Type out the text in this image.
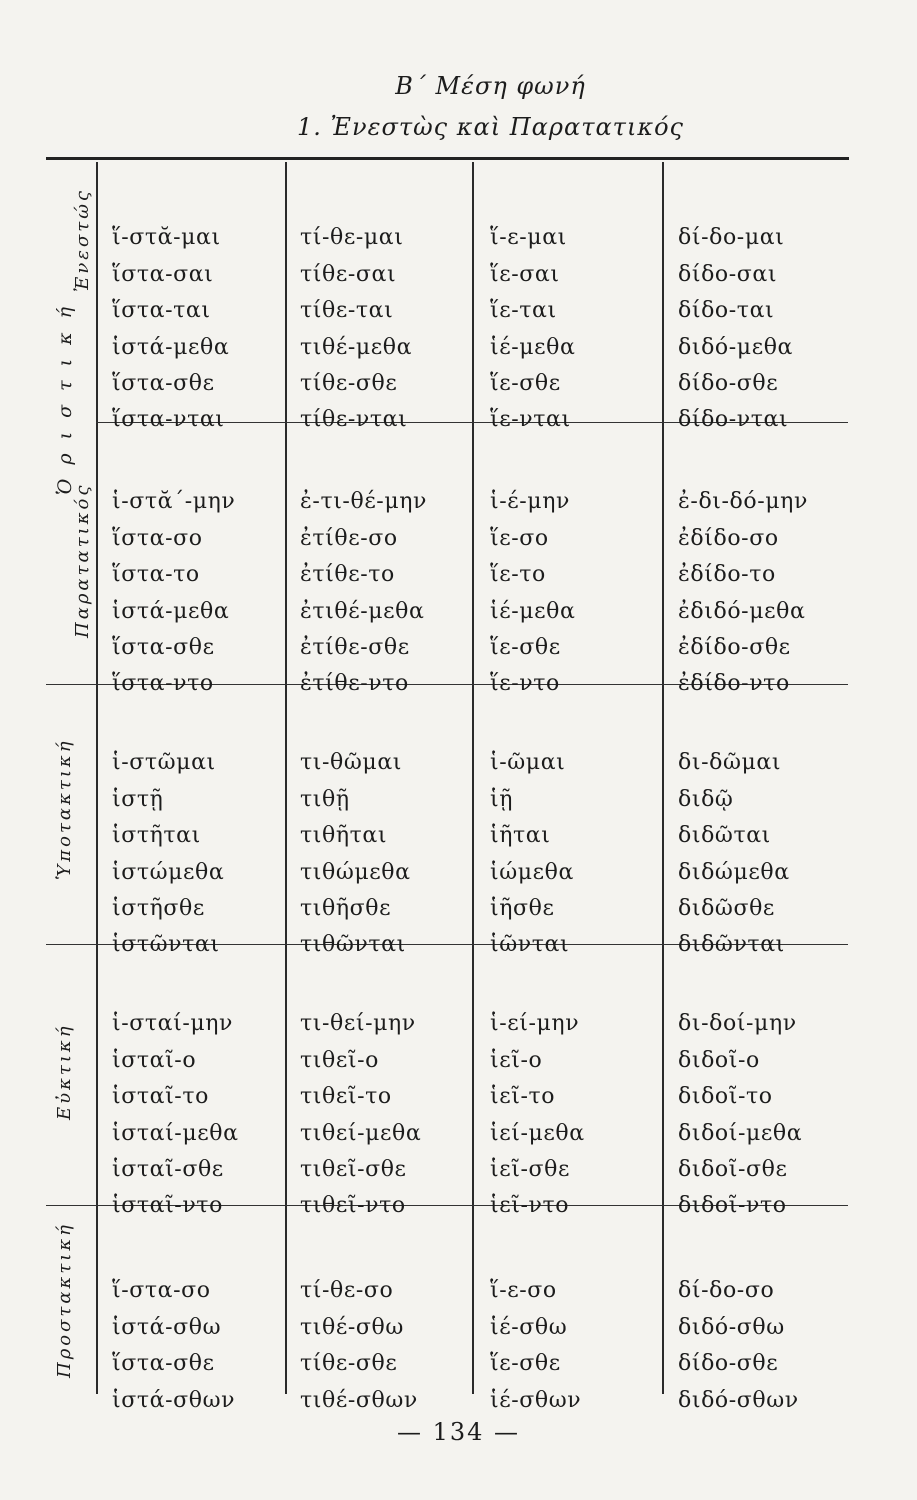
Β΄ Μέση φωνή
1. Ἐνεστὼς καὶ Παρατατικός
Ὁ ρ ι σ τ ι κ ή
Ἐνεστώς
Παρατατικός
Ὑποτακτική
Εὐκτική
Προστακτική

ἵ-στᾰ-μαι
ἵστα-σαι
ἵστα-ται
ἱστά-μεθα
ἵστα-σθε
ἵστα-νται

τί-θε-μαι
τίθε-σαι
τίθε-ται
τιθέ-μεθα
τίθε-σθε
τίθε-νται

ἵ-ε-μαι
ἵε-σαι
ἵε-ται
ἱέ-μεθα
ἵε-σθε
ἵε-νται

δί-δο-μαι
δίδο-σαι
δίδο-ται
διδό-μεθα
δίδο-σθε
δίδο-νται

ἱ-στᾰ΄-μην
ἵστα-σο
ἵστα-το
ἱστά-μεθα
ἵστα-σθε
ἵστα-ντο

ἐ-τι-θέ-μην
ἐτίθε-σο
ἐτίθε-το
ἐτιθέ-μεθα
ἐτίθε-σθε
ἐτίθε-ντο

ἱ-έ-μην
ἵε-σο
ἵε-το
ἱέ-μεθα
ἵε-σθε
ἵε-ντο

ἐ-δι-δό-μην
ἐδίδο-σο
ἐδίδο-το
ἐδιδό-μεθα
ἐδίδο-σθε
ἐδίδο-ντο

ἱ-στῶμαι
ἱστῇ
ἱστῆται
ἱστώμεθα
ἱστῆσθε
ἱστῶνται

τι-θῶμαι
τιθῇ
τιθῆται
τιθώμεθα
τιθῆσθε
τιθῶνται

ἱ-ῶμαι
ἱῇ
ἱῆται
ἱώμεθα
ἱῆσθε
ἱῶνται

δι-δῶμαι
διδῷ
διδῶται
διδώμεθα
διδῶσθε
διδῶνται

ἱ-σταί-μην
ἱσταῖ-ο
ἱσταῖ-το
ἱσταί-μεθα
ἱσταῖ-σθε
ἱσταῖ-ντο

τι-θεί-μην
τιθεῖ-ο
τιθεῖ-το
τιθεί-μεθα
τιθεῖ-σθε
τιθεῖ-ντο

ἱ-εί-μην
ἱεῖ-ο
ἱεῖ-το
ἱεί-μεθα
ἱεῖ-σθε
ἱεῖ-ντο

δι-δοί-μην
διδοῖ-ο
διδοῖ-το
διδοί-μεθα
διδοῖ-σθε
διδοῖ-ντο

ἵ-στα-σο
ἱστά-σθω
ἵστα-σθε
ἱστά-σθων

τί-θε-σο
τιθέ-σθω
τίθε-σθε
τιθέ-σθων

ἵ-ε-σο
ἱέ-σθω
ἵε-σθε
ἱέ-σθων

δί-δο-σο
διδό-σθω
δίδο-σθε
διδό-σθων

— 134 —
